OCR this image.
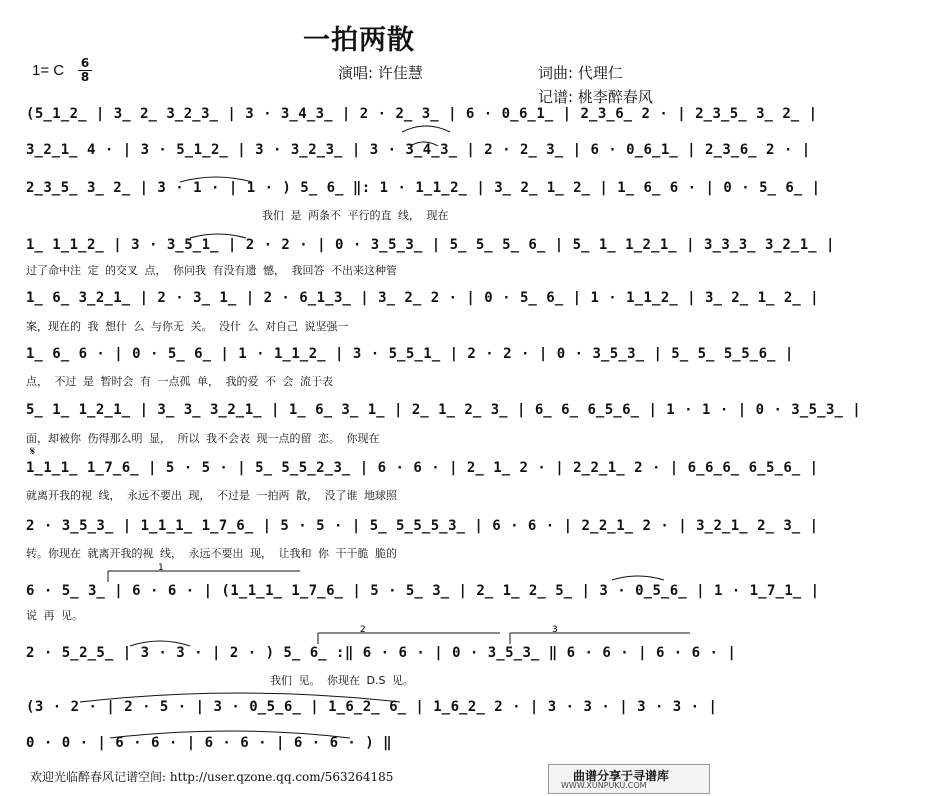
一拍两散
1= C 6
8	演唱: 许佳慧	词曲: 代理仁
记谱: 桃李醉春风
(5̲1̲2̲ | 3̲ 2̲ 3̲2̲3̲ | 3 · 3̲4̲3̲ | 2 · 2̲ 3̲ | 6 · 0̲6̲1̲ | 2̲3̲6̲ 2 · | 2̲3̲5̲ 3̲ 2̲ |
3̲2̲1̲ 4 · | 3 · 5̲1̲2̲ | 3 · 3̲2̲3̲ | 3 · 3̲4̲3̲ | 2 · 2̲ 3̲ | 6 · 0̲6̲1̲ | 2̲3̲6̲ 2 · |
2̲3̲5̲ 3̲ 2̲ | 3 · 1 · | 1 · ) 5̲ 6̲ ‖: 1 · 1̲1̲2̲ | 3̲ 2̲ 1̲ 2̲ | 1̲ 6̲ 6 · | 0 · 5̲ 6̲ |
我们 是 两条不 平行的直 线， 现在
1̲ 1̲1̲2̲ | 3 · 3̲5̲1̲ | 2 · 2 · | 0 · 3̲5̲3̲ | 5̲ 5̲ 5̲ 6̲ | 5̲ 1̲ 1̲2̲1̲ | 3̲3̲3̲ 3̲2̲1̲ |
过了命中注 定 的交叉 点， 你问我 有没有遗 憾， 我回答 不出来这种管
1̲ 6̲ 3̲2̲1̲ | 2 · 3̲ 1̲ | 2 · 6̲1̲3̲ | 3̲ 2̲ 2 · | 0 · 5̲ 6̲ | 1 · 1̲1̲2̲ | 3̲ 2̲ 1̲ 2̲ |
案，现在的 我 想什 么 与你无 关。 没什 么 对自己 说坚强一
1̲ 6̲ 6 · | 0 · 5̲ 6̲ | 1 · 1̲1̲2̲ | 3 · 5̲5̲1̲ | 2 · 2 · | 0 · 3̲5̲3̲ | 5̲ 5̲ 5̲5̲6̲ |
点， 不过 是 暂时会 有 一点孤 单， 我的爱 不 会 流于表
5̲ 1̲ 1̲2̲1̲ | 3̲ 3̲ 3̲2̲1̲ | 1̲ 6̲ 3̲ 1̲ | 2̲ 1̲ 2̲ 3̲ | 6̲ 6̲ 6̲5̲6̲ | 1 · 1 · | 0 · 3̲5̲3̲ |
面，却被你 伤得那么明 显， 所以 我不会表 现一点的留 恋。 你现在
𝄋
1̲1̲1̲ 1̲7̲6̲ | 5 · 5 · | 5̲ 5̲5̲2̲3̲ | 6 · 6 · | 2̲ 1̲ 2 · | 2̲2̲1̲ 2 · | 6̲6̲6̲ 6̲5̲6̲ |
就离开我的视 线， 永远不要出 现， 不过是 一拍两 散， 没了谁 地球照
2 · 3̲5̲3̲ | 1̲1̲1̲ 1̲7̲6̲ | 5 · 5 · | 5̲ 5̲5̲5̲3̲ | 6 · 6 · | 2̲2̲1̲ 2 · | 3̲2̲1̲ 2̲ 3̲ |
转。你现在 就离开我的视 线， 永远不要出 现， 让我和 你 干干脆 脆的
6 · 5̲ 3̲ | 6 · 6 · | (1̲1̲1̲ 1̲7̲6̲ | 5 · 5̲ 3̲ | 2̲ 1̲ 2̲ 5̲ | 3 · 0̲5̲6̲ | 1 · 1̲7̲1̲ |
说 再 见。
2 · 5̲2̲5̲ | 3 · 3 · | 2 · ) 5̲ 6̲ :‖ 6 · 6 · | 0 · 3̲5̲3̲ ‖ 6 · 6 · | 6 · 6 · |
我们 见。 你现在 D.S 见。
(3 · 2 · | 2 · 5 · | 3 · 0̲5̲6̲ | 1̲6̲2̲ 6̲ | 1̲6̲2̲ 2 · | 3 · 3 · | 3 · 3 · |
0 · 0 · | 6 · 6 · | 6 · 6 · | 6 · 6 · ) ‖
1
2	3
欢迎光临醉春风记谱空间: http://user.qzone.qq.com/563264185	曲谱分享于寻谱库
WWW.XUNPUKU.COM
